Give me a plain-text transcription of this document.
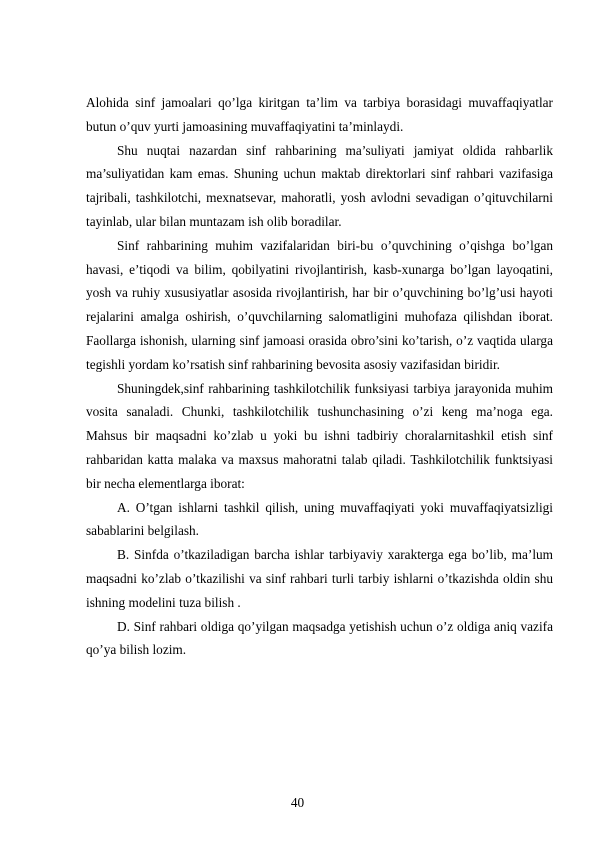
Alohida sinf jamoalari qo’lga kiritgan ta’lim va tarbiya borasidagi muvaffaqiyatlar butun o’quv yurti jamoasining muvaffaqiyatini ta’minlaydi.

Shu nuqtai nazardan sinf rahbarining ma’suliyati jamiyat oldida rahbarlik ma’suliyatidan kam emas. Shuning uchun maktab direktorlari sinf rahbari vazifasiga tajribali, tashkilotchi, mexnatsevar, mahoratli, yosh avlodni sevadigan o’qituvchilarni tayinlab, ular bilan muntazam ish olib boradilar.

Sinf rahbarining muhim vazifalaridan biri-bu o’quvchining o’qishga bo’lgan havasi, e’tiqodi va bilim, qobilyatini rivojlantirish, kasb-xunarga bo’lgan layoqatini, yosh va ruhiy xususiyatlar asosida rivojlantirish, har bir o’quvchining bo’lg’usi hayoti rejalarini amalga oshirish, o’quvchilarning salomatligini muhofaza qilishdan iborat. Faollarga ishonish, ularning sinf jamoasi orasida obro’sini ko’tarish, o’z vaqtida ularga tegishli yordam ko’rsatish sinf rahbarining bevosita asosiy vazifasidan biridir.

Shuningdek,sinf rahbarining tashkilotchilik funksiyasi tarbiya jarayonida muhim vosita sanaladi. Chunki, tashkilotchilik tushunchasining o’zi keng ma’noga ega. Mahsus bir maqsadni ko’zlab u yoki bu ishni tadbiriy choralarnitashkil etish sinf rahbaridan katta malaka va maxsus mahoratni talab qiladi. Tashkilotchilik funktsiyasi bir necha elementlarga iborat:

A. O’tgan ishlarni tashkil qilish, uning muvaffaqiyati yoki muvaffaqiyatsizligi sabablarini belgilash.

B. Sinfda o’tkaziladigan barcha ishlar tarbiyaviy xarakterga ega bo’lib, ma’lum maqsadni ko’zlab o’tkazilishi va sinf rahbari turli tarbiy ishlarni o’tkazishda oldin shu ishning modelini tuza bilish .

D. Sinf rahbari oldiga qo’yilgan maqsadga yetishish uchun o’z oldiga aniq vazifa qo’ya bilish lozim.

40
